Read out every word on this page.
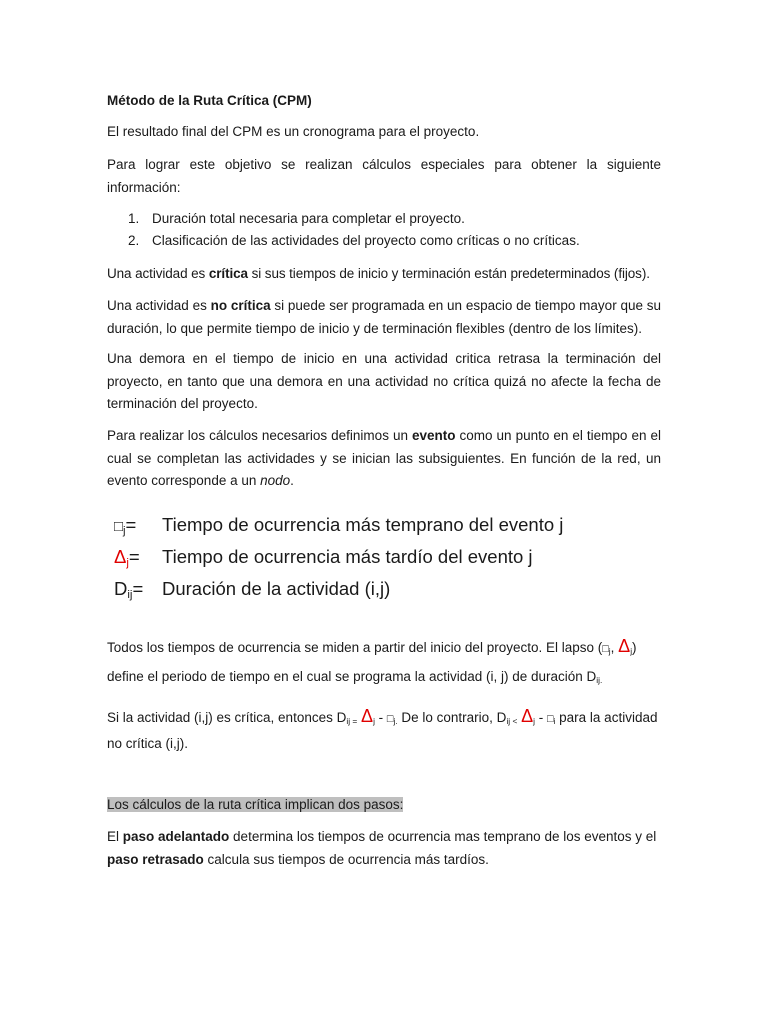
Método de la Ruta Crítica (CPM)

El resultado final del CPM es un cronograma para el proyecto.

Para lograr este objetivo se realizan cálculos especiales para obtener la siguiente información:

1. Duración total necesaria para completar el proyecto.
2. Clasificación de las actividades del proyecto como críticas o no críticas.

Una actividad es crítica si sus tiempos de inicio y terminación están predeterminados (fijos).

Una actividad es no crítica si puede ser programada en un espacio de tiempo mayor que su duración, lo que permite tiempo de inicio y de terminación flexibles (dentro de los límites).

Una demora en el tiempo de inicio en una actividad critica retrasa la terminación del proyecto, en tanto que una demora en una actividad no crítica quizá no afecte la fecha de terminación del proyecto.

Para realizar los cálculos necesarios definimos un evento como un punto en el tiempo en el cual se completan las actividades y se inician las subsiguientes. En función de la red, un evento corresponde a un nodo.

$□_j=$	Tiempo de ocurrencia más temprano del evento j
$\Delta_j=$	Tiempo de ocurrencia más tardío del evento j
$D_{ij}=$	Duración de la actividad (i,j)

Todos los tiempos de ocurrencia se miden a partir del inicio del proyecto. El lapso ($□_j$, $\Delta_j$)

define el periodo de tiempo en el cual se programa la actividad (i, j) de duración $D_{ij.}$

Si la actividad (i,j) es crítica, entonces $D_{ij =}$ $\Delta_j$ - $□_{j.}$ De lo contrario, $D_{ij <}$ $\Delta_j$ - $□_i$ para la actividad no crítica (i,j).

Los cálculos de la ruta crítica implican dos pasos:

El paso adelantado determina los tiempos de ocurrencia mas temprano de los eventos y el paso retrasado calcula sus tiempos de ocurrencia más tardíos.
